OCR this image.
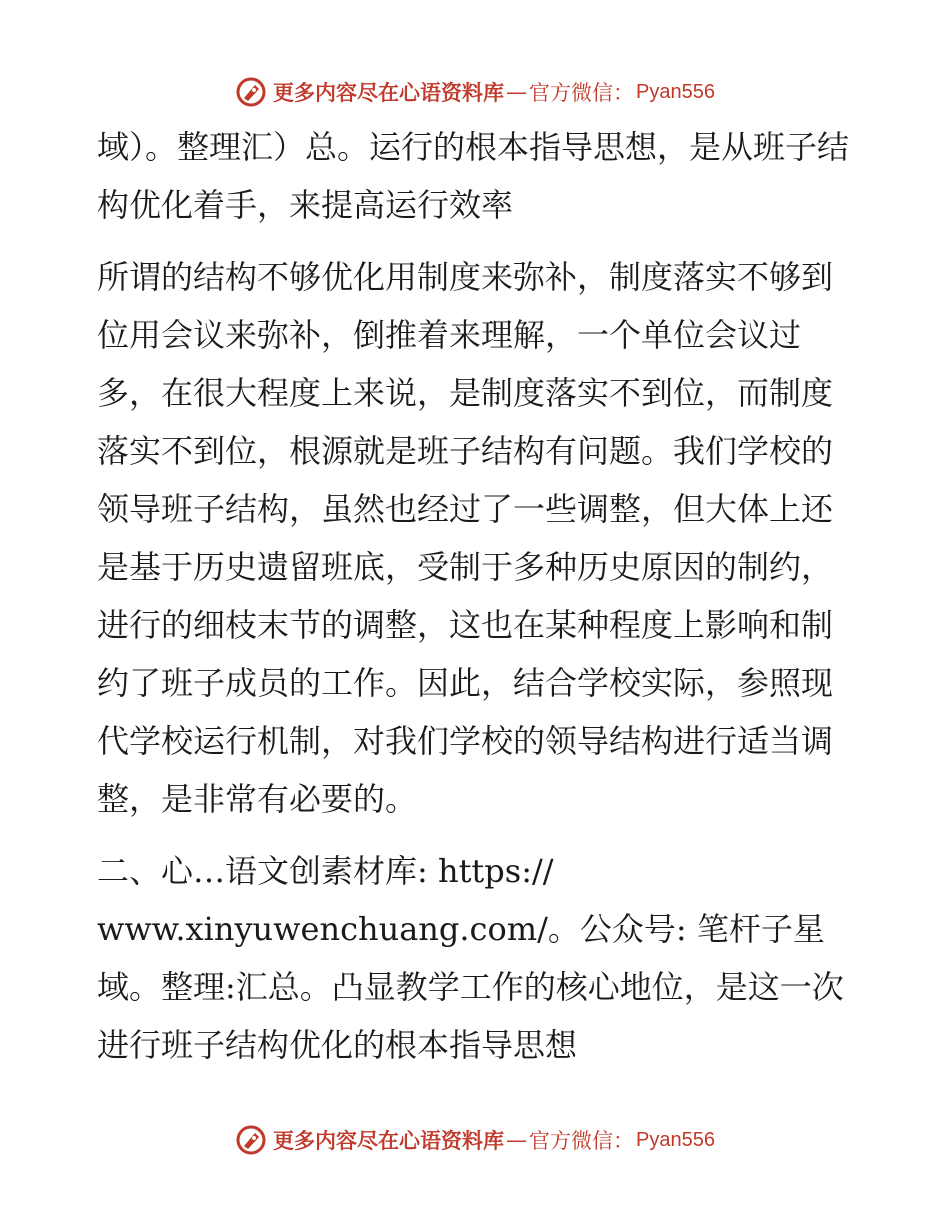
更多内容尽在心语资料库 — 官方微信： Pyan556

域）。整理汇）总。运行的根本指导思想，是从班子结构优化着手，来提高运行效率

所谓的结构不够优化用制度来弥补，制度落实不够到位用会议来弥补，倒推着来理解，一个单位会议过多，在很大程度上来说，是制度落实不到位，而制度落实不到位，根源就是班子结构有问题。我们学校的领导班子结构，虽然也经过了一些调整，但大体上还是基于历史遗留班底，受制于多种历史原因的制约，进行的细枝末节的调整，这也在某种程度上影响和制约了班子成员的工作。因此，结合学校实际，参照现代学校运行机制，对我们学校的领导结构进行适当调整，是非常有必要的。

二、心…语文创素材库: https://

www.xinyuwenchuang.com/。公众号: 笔杆子星

域。整理:汇总。凸显教学工作的核心地位，是这一次进行班子结构优化的根本指导思想

更多内容尽在心语资料库 — 官方微信： Pyan556
